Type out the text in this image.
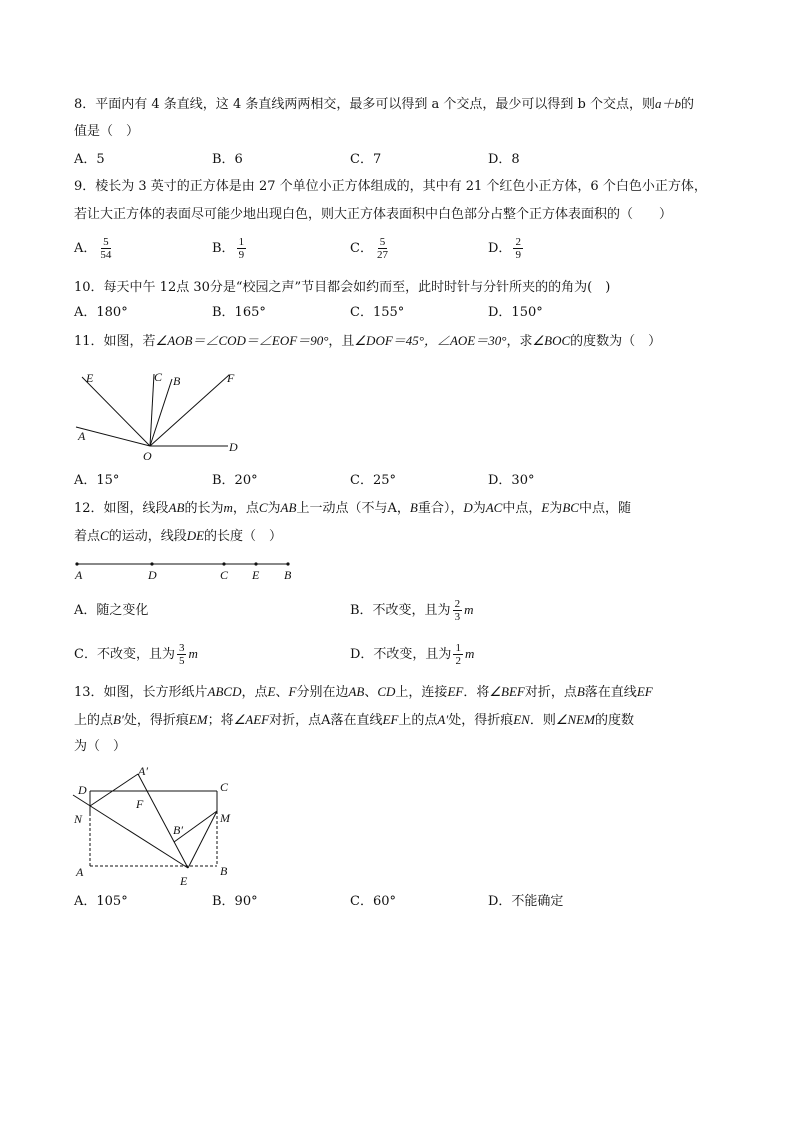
8．平面内有 4 条直线，这 4 条直线两两相交，最多可以得到 a 个交点，最少可以得到 b 个交点，则a＋b的
值是（　）
A．5	B．6	C．7	D．8
9．棱长为 3 英寸的正方体是由 27 个单位小正方体组成的，其中有 21 个红色小正方体，6 个白色小正方体，
若让大正方体的表面尽可能少地出现白色，则大正方体表面积中白色部分占整个正方体表面积的（　　）
A． $\frac{5}{54}$	B． $\frac{1}{9}$	C． $\frac{5}{27}$	D． $\frac{2}{9}$
10．每天中午 12点 30分是“校园之声”节目都会如约而至，此时时针与分针所夹的的角为(　)
A．180°	B．165°	C．155°	D．150°
11．如图，若∠AOB＝∠COD＝∠EOF＝90°，且∠DOF＝45°，∠AOE＝30°，求∠BOC的度数为（　）
E	C B	F
A
O
D
A．15°	B．20°	C．25°	D．30°
12．如图，线段AB的长为m，点C为AB上一动点（不与A，B重合），D为AC中点，E为BC中点，随
着点C的运动，线段DE的长度（　）
A	D	C E B
A．随之变化	B．不改变，且为 $\frac{2}{3}$ m
C．不改变，且为 $\frac{3}{5}$ m	D．不改变，且为 $\frac{1}{2}$ m
13．如图，长方形纸片ABCD，点E、F分别在边AB、CD上，连接EF．将∠BEF对折，点B落在直线EF
上的点B′处，得折痕EM；将∠AEF对折，点A落在直线EF上的点A′处，得折痕EN．则∠NEM的度数
为（　）
D
A′
C
F
N
B′
M
A
E
B
A．105°	B．90°	C．60°	D．不能确定
